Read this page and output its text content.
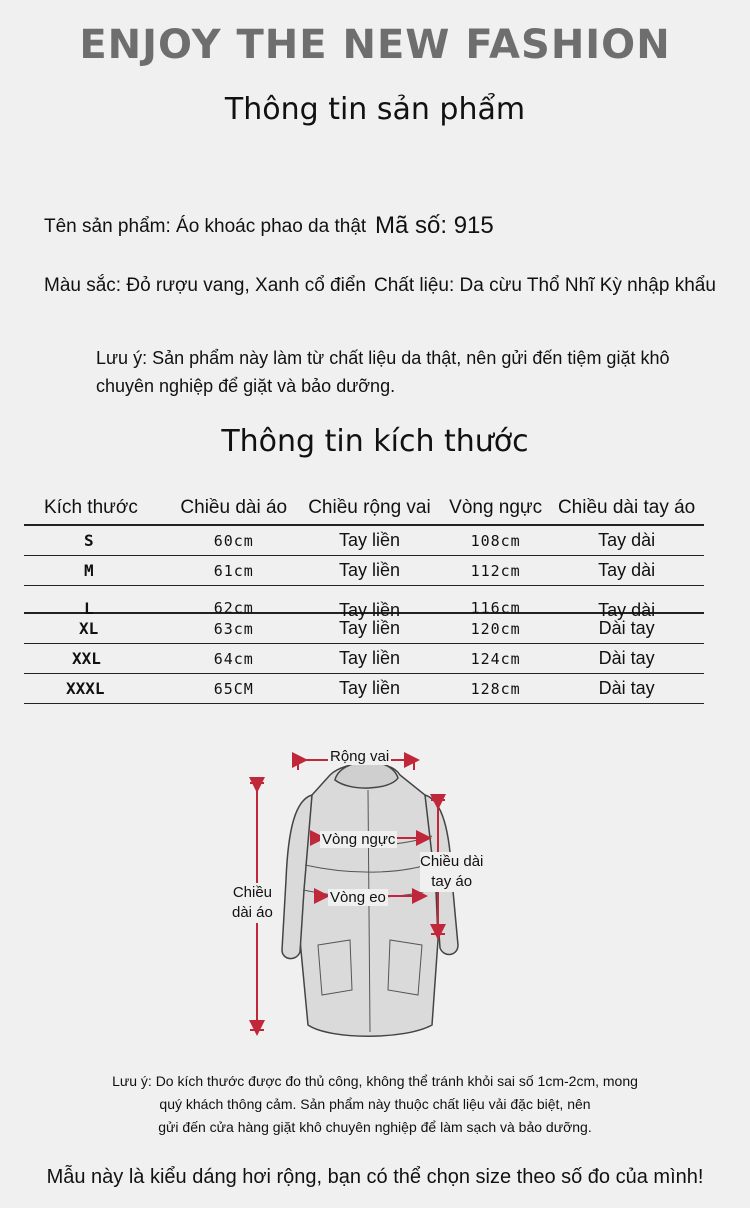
ENJOY THE NEW FASHION
Thông tin sản phẩm
Tên sản phẩm: Áo khoác phao da thật Mã số: 915
Màu sắc: Đỏ rượu vang, Xanh cổ điển Chất liệu: Da cừu Thổ Nhĩ Kỳ nhập khẩu
Lưu ý: Sản phẩm này làm từ chất liệu da thật, nên gửi đến tiệm giặt khô
chuyên nghiệp để giặt và bảo dưỡng.
Thông tin kích thước
Kích thước	Chiều dài áo	Chiều rộng vai	Vòng ngực	Chiều dài tay áo
S	60cm	Tay liền	108cm	Tay dài
M	61cm	Tay liền	112cm	Tay dài
L	62cm	Tay liền	116cm	Tay dài
XL	63cm	Tay liền	120cm	Dài tay
XXL	64cm	Tay liền	124cm	Dài tay
XXXL	65CM	Tay liền	128cm	Dài tay
Rộng vai
Vòng ngực
Vòng eo
Chiều
dài áo
Chiều dài
tay áo
Lưu ý: Do kích thước được đo thủ công, không thể tránh khỏi sai số 1cm-2cm, mong
quý khách thông cảm. Sản phẩm này thuộc chất liệu vải đặc biệt, nên
gửi đến cửa hàng giặt khô chuyên nghiệp để làm sạch và bảo dưỡng.
Mẫu này là kiểu dáng hơi rộng, bạn có thể chọn size theo số đo của mình!
